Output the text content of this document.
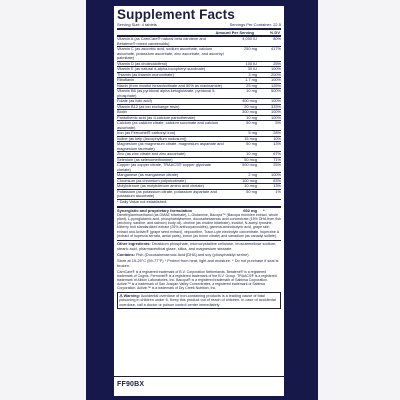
Supplement Facts
Serving Size: 4 tablets	Servings Per Container: 22.5
Amount Per Serving	% DV
Vitamin A (as CarnCare® natural beta carotene and Betatene® mixed carotenoids)
4,000 IU	80%
Vitamin C (as ascorbic acid, sodium ascorbate, calcium ascorbate, potassium ascorbate, zinc ascorbate, and ascorbyl palmitate)
250 mg	417%
Vitamin D (as cholecalciferol)	100 IU	25%
Vitamin E (as natural d-alpha-tocopheryl succinate)	30 IU	100%
Thiamin (as thiamin mononitrate)	3 mg	200%
Riboflavin	1.7 mg	100%
Niacin (from inositol hexanicotinate and 50% as niacinamide)	25 mg	125%
Vitamin B6 (as pyridoxal alpha-ketoglutarate, pyridoxal 5-phosphate)
10 mg	500%
Folate (as folic acid)	400 mcg	100%
Vitamin B12 (as ion exchange resin)	20 mcg	333%
Biotin	300 mcg	100%
Pantothenic acid (as d-calcium pantothenate)	10 mg	100%
Calcium (as calcium citrate, calcium succinate and calcium ascorbate)
50 mg	5%
Iron (as Ferrochel® carbonyl iron)	5 mg	28%
Iodine (as kelp (Ascophyllum nodosum))	15 mcg	10%
Magnesium (as magnesium citrate, magnesium aspartate and magnesium taurinate)
50 mg	13%
Zinc (as zinc citrate and zinc ascorbate)	10 mg	67%
Selenium (as selenomethionine)	50 mcg	71%
Copper (as copper citrate, TRAACS® copper glycinate chelate)
500 mcg	25%
Manganese (as manganese citrate)	2 mg	100%
Chromium (as chromium polynicotinate)	100 mcg	83%
Molybdenum (as molybdenum amino acid chelate)	10 mcg	13%
Potassium (as potassium citrate, potassium aspartate and potassium ascorbate)
50 mg	1%
* Daily Value not established.
Synergistic and proprietary formulation	692 mg	*
Dimethylaminoethanol (as DMAE bitartrate), L-Glutamine, Bacopa™ (Bacopa monnieri extract, whole plant), L-pyroglutamic acid, phosphatidylserine, docosahexaenoic acid concentrate (15% DHA from fish (anchovy, sardine, and salmon) body oil), choline (as choline bitartrate), inositol, N-acetyl tyrosine, bilberry fruit standardized extract (25% anthocyanosides), gamma-aminobutyric acid, grape skin extract and Activin® (grape seed extract), vinpocetine, Trace-Lyte electrolyte concentrate, huperzine A (extract of huperzia serrata, aerial parts), boron (as boron citrate) and vanadium (as vanadyl sulfate).
Other ingredients: Dicalcium phosphate, microcrystalline cellulose, croscarmellose sodium, stearic acid, pharmaceutical glaze, silica, and magnesium stearate.
Contains: Fish (Docosahexaenoic Acid [DHA] and soy (phosphatidyl serine).
Store at 15-25°C (59-77°F) * Protect from heat, light and moisture. * Do not purchase if seal is broken.
CarnCare® is a registered trademark of B.V. Corporation Netherlands. Betatene® is a registered trademark of Cognis. Ferrochel® is a registered trademark of the B.V. Group. TRAACS® is a registered trademark of Albion Laboratories, Inc. Bacopa® is a registered trademark of Sabinsa Corporation. Activin™ is a trademark of San Joaquin Valley Concentrates, a registered trademark of Sabinsa Corporation. Activin™ is a trademark of Dry Creek Nutrition, Inc.
⚠ Warning: Accidental overdose of iron-containing products is a leading cause of fatal poisoning in children under 6. Keep this product out of reach of children. In case of accidental overdose, call a doctor or poison control center immediately.
FF90BX
